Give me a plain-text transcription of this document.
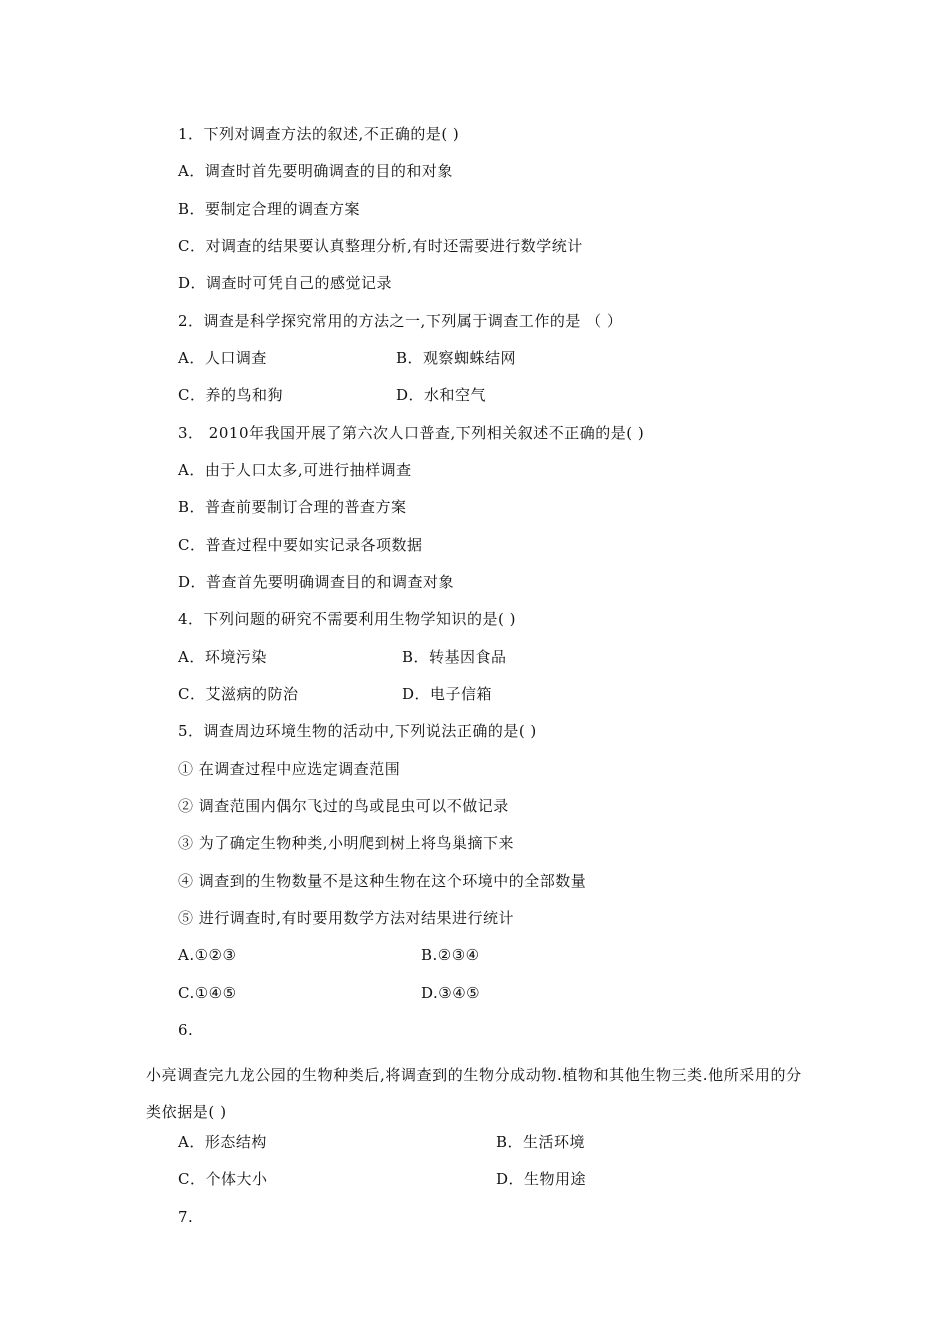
1．下列对调查方法的叙述,不正确的是( )
A．调查时首先要明确调查的目的和对象
B．要制定合理的调查方案
C．对调查的结果要认真整理分析,有时还需要进行数学统计
D．调查时可凭自己的感觉记录
2．调查是科学探究常用的方法之一,下列属于调查工作的是 （ ）
A．人口调查	B．观察蜘蛛结网
C．养的鸟和狗	D．水和空气
3． 2010年我国开展了第六次人口普查,下列相关叙述不正确的是( )
A．由于人口太多,可进行抽样调查
B．普查前要制订合理的普查方案
C．普查过程中要如实记录各项数据
D．普查首先要明确调查目的和调查对象
4．下列问题的研究不需要利用生物学知识的是( )
A．环境污染	B．转基因食品
C．艾滋病的防治	D．电子信箱
5．调查周边环境生物的活动中,下列说法正确的是( )
① 在调查过程中应选定调查范围
② 调查范围内偶尔飞过的鸟或昆虫可以不做记录
③ 为了确定生物种类,小明爬到树上将鸟巢摘下来
④ 调查到的生物数量不是这种生物在这个环境中的全部数量
⑤ 进行调查时,有时要用数学方法对结果进行统计
A.①②③	B.②③④
C.①④⑤	D.③④⑤
6.
小亮调查完九龙公园的生物种类后,将调查到的生物分成动物.植物和其他生物三类.他所采用的分类依据是( )
A．形态结构	B．生活环境
C．个体大小	D．生物用途
7.
